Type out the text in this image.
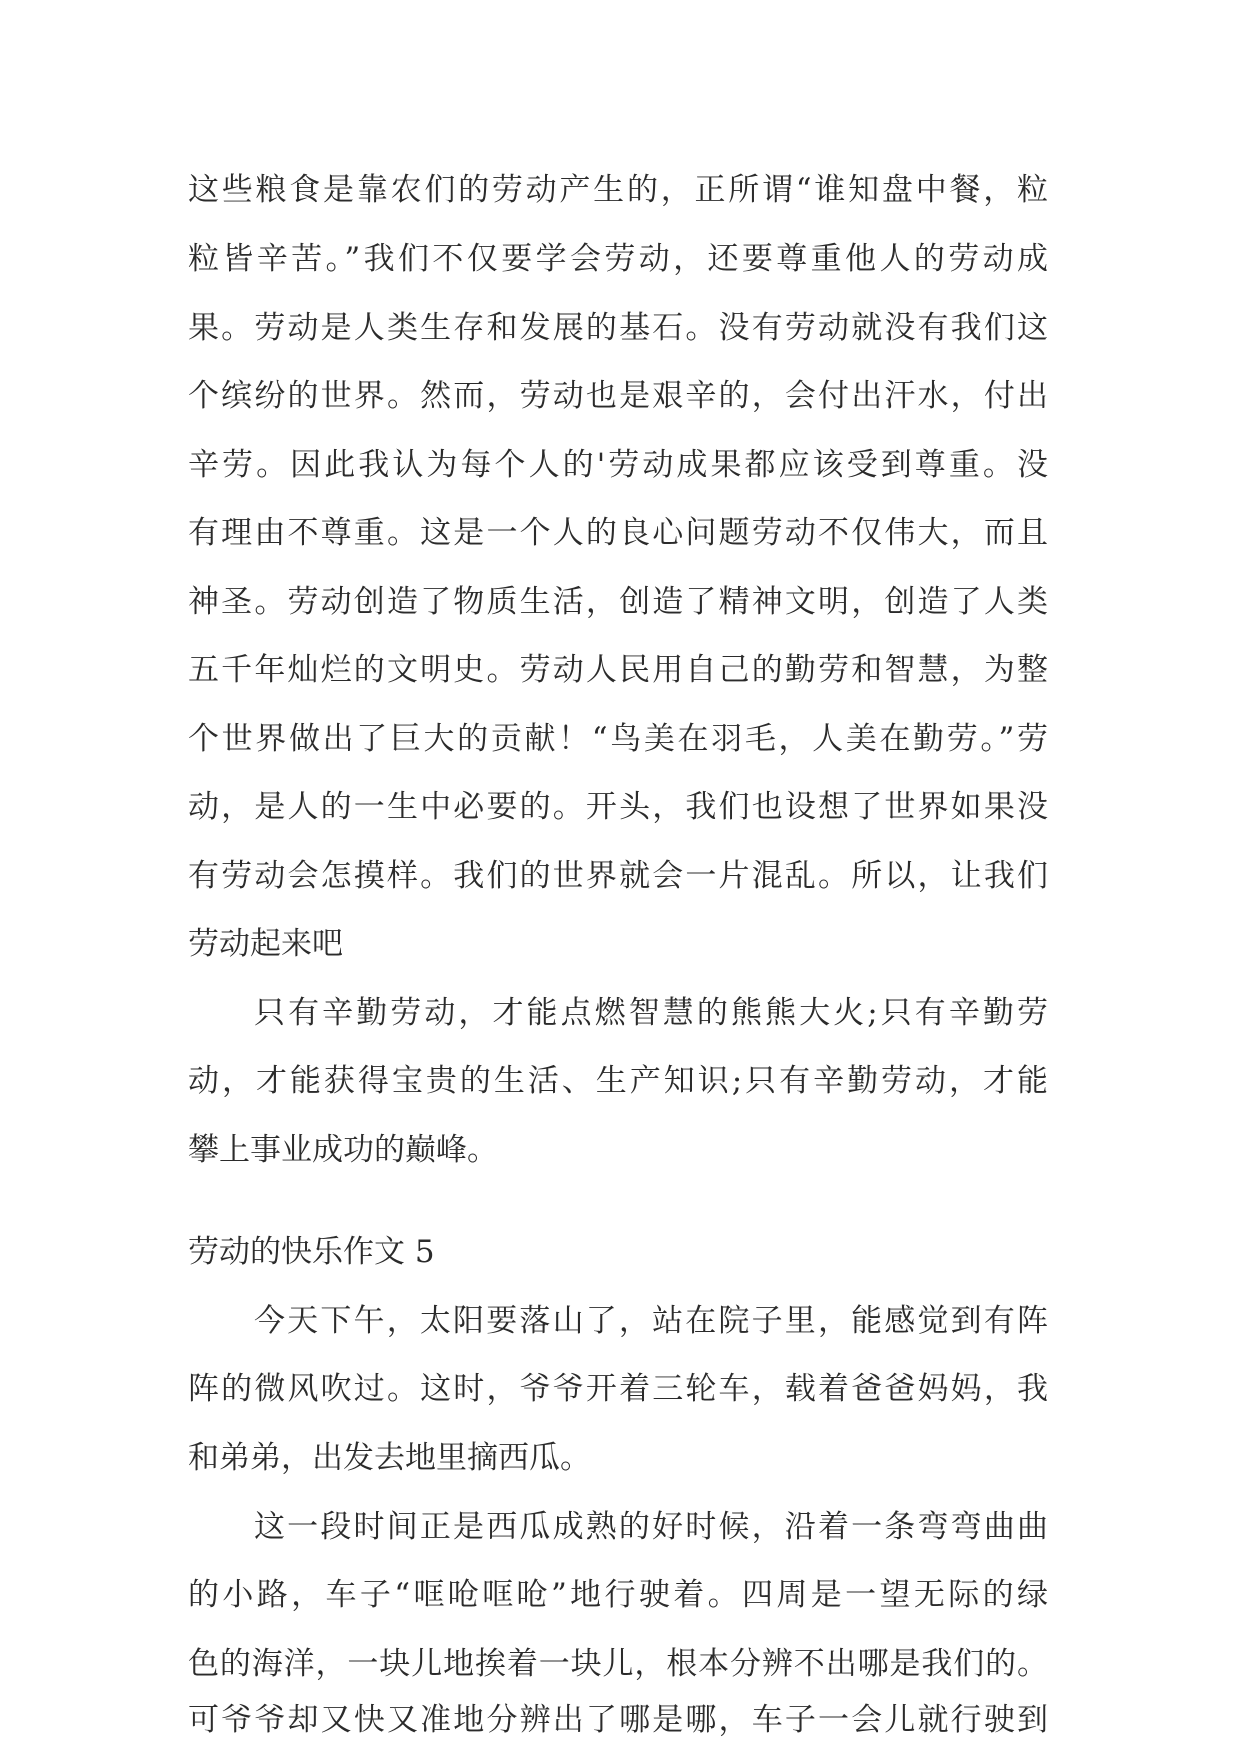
这些粮食是靠农们的劳动产生的，正所谓“谁知盘中餐，粒
粒皆辛苦。”我们不仅要学会劳动，还要尊重他人的劳动成
果。劳动是人类生存和发展的基石。没有劳动就没有我们这
个缤纷的世界。然而，劳动也是艰辛的，会付出汗水，付出
辛劳。因此我认为每个人的'劳动成果都应该受到尊重。没
有理由不尊重。这是一个人的良心问题劳动不仅伟大，而且
神圣。劳动创造了物质生活，创造了精神文明，创造了人类
五千年灿烂的文明史。劳动人民用自己的勤劳和智慧，为整
个世界做出了巨大的贡献！“鸟美在羽毛，人美在勤劳。”劳
动，是人的一生中必要的。开头，我们也设想了世界如果没
有劳动会怎摸样。我们的世界就会一片混乱。所以，让我们
劳动起来吧
只有辛勤劳动，才能点燃智慧的熊熊大火;只有辛勤劳
动，才能获得宝贵的生活、生产知识;只有辛勤劳动，才能
攀上事业成功的巅峰。
劳动的快乐作文 5
今天下午，太阳要落山了，站在院子里，能感觉到有阵
阵的微风吹过。这时，爷爷开着三轮车，载着爸爸妈妈，我
和弟弟，出发去地里摘西瓜。
这一段时间正是西瓜成熟的好时候，沿着一条弯弯曲曲
的小路，车子“哐呛哐呛”地行驶着。四周是一望无际的绿
色的海洋，一块儿地挨着一块儿，根本分辨不出哪是我们的。
可爷爷却又快又准地分辨出了哪是哪，车子一会儿就行驶到
